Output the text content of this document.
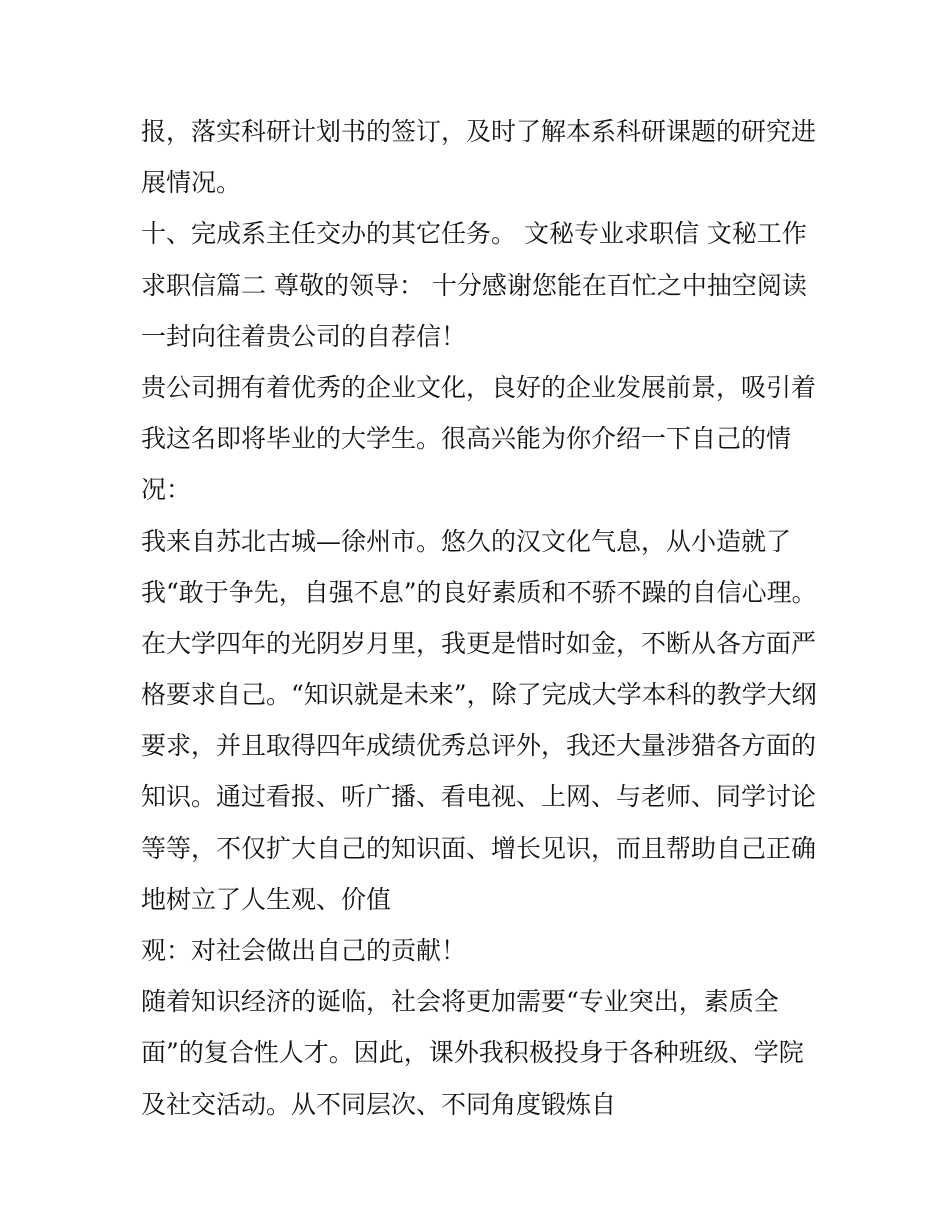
报，落实科研计划书的签订，及时了解本系科研课题的研究进
展情况。
十、完成系主任交办的其它任务。 文秘专业求职信 文秘工作
求职信篇二 尊敬的领导： 十分感谢您能在百忙之中抽空阅读
一封向往着贵公司的自荐信！
贵公司拥有着优秀的企业文化，良好的企业发展前景，吸引着
我这名即将毕业的大学生。很高兴能为你介绍一下自己的情
况：
我来自苏北古城—徐州市。悠久的汉文化气息，从小造就了
我“敢于争先，自强不息”的良好素质和不骄不躁的自信心理。
在大学四年的光阴岁月里，我更是惜时如金，不断从各方面严
格要求自己。“知识就是未来”，除了完成大学本科的教学大纲
要求，并且取得四年成绩优秀总评外，我还大量涉猎各方面的
知识。通过看报、听广播、看电视、上网、与老师、同学讨论
等等，不仅扩大自己的知识面、增长见识，而且帮助自己正确
地树立了人生观、价值
观：对社会做出自己的贡献！
随着知识经济的诞临，社会将更加需要“专业突出，素质全
面”的复合性人才。因此，课外我积极投身于各种班级、学院
及社交活动。从不同层次、不同角度锻炼自
